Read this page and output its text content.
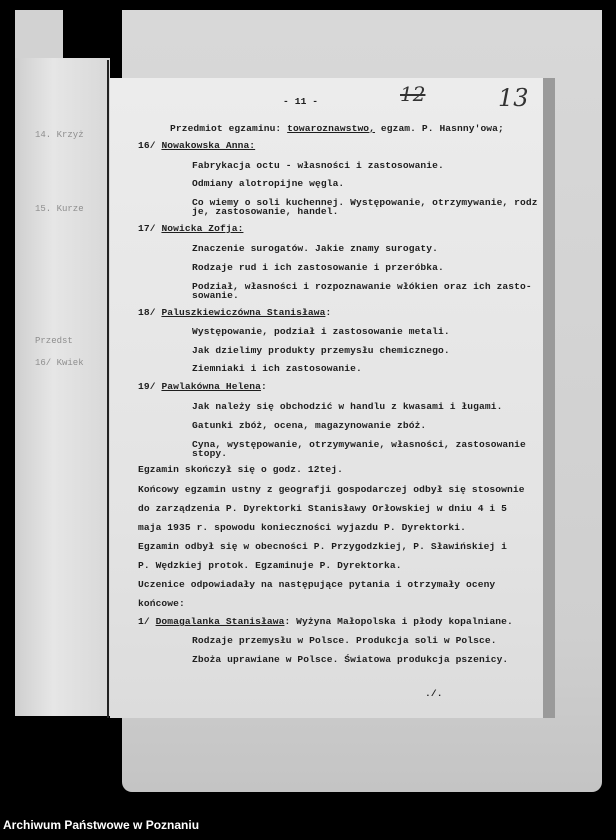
14. Krzyż
15. Kurze
Przedst
16/ Kwiek
- 11 -	12	13
Przedmiot egzaminu: towaroznawstwo, egzam. P. Hasnny'owa;
16/ Nowakowska Anna:
Fabrykacja octu - własności i zastosowanie.
Odmiany alotropijne węgla.
Co wiemy o soli kuchennej. Występowanie, otrzymywanie, rodz
je, zastosowanie, handel.
17/ Nowicka Zofja:
Znaczenie surogatów. Jakie znamy surogaty.
Rodzaje rud i ich zastosowanie i przeróbka.
Podział, własności i rozpoznawanie włókien oraz ich zasto-
sowanie.
18/ Paluszkiewiczówna Stanisława:
Występowanie, podział i zastosowanie metali.
Jak dzielimy produkty przemysłu chemicznego.
Ziemniaki i ich zastosowanie.
19/ Pawlakówna Helena:
Jak należy się obchodzić w handlu z kwasami i ługami.
Gatunki zbóż, ocena, magazynowanie zbóż.
Cyna, występowanie, otrzymywanie, własności, zastosowanie
stopy.
Egzamin skończył się o godz. 12tej.
Końcowy egzamin ustny z geografji gospodarczej odbył się stosownie
do zarządzenia P. Dyrektorki Stanisławy Orłowskiej w dniu 4 i 5
maja 1935 r. spowodu konieczności wyjazdu P. Dyrektorki.
Egzamin odbył się w obecności P. Przygodzkiej, P. Sławińskiej i
P. Wędzkiej protok. Egzaminuje P. Dyrektorka.
Uczenice odpowiadały na następujące pytania i otrzymały oceny
końcowe:
1/ Domagalanka Stanisława: Wyżyna Małopolska i płody kopalniane.
Rodzaje przemysłu w Polsce. Produkcja soli w Polsce.
Zboża uprawiane w Polsce. Światowa produkcja pszenicy.
./.
Archiwum Państwowe w Poznaniu
